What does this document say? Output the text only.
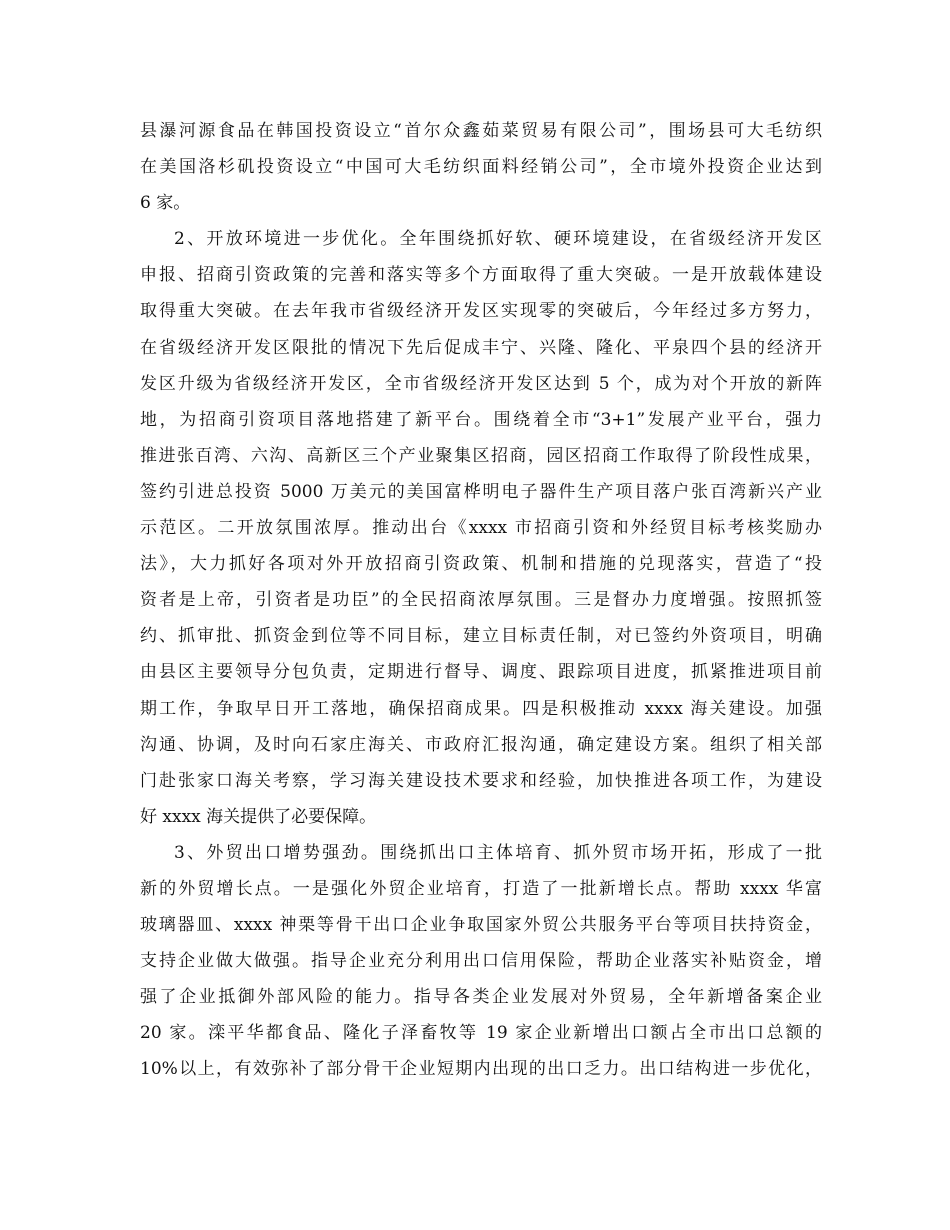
县瀑河源食品在韩国投资设立“首尔众鑫茹菜贸易有限公司”，围场县可大毛纺织
在美国洛杉矶投资设立“中国可大毛纺织面料经销公司”，全市境外投资企业达到
6 家。
2、开放环境进一步优化。全年围绕抓好软、硬环境建设，在省级经济开发区
申报、招商引资政策的完善和落实等多个方面取得了重大突破。一是开放载体建设
取得重大突破。在去年我市省级经济开发区实现零的突破后，今年经过多方努力，
在省级经济开发区限批的情况下先后促成丰宁、兴隆、隆化、平泉四个县的经济开
发区升级为省级经济开发区，全市省级经济开发区达到 5 个，成为对个开放的新阵
地，为招商引资项目落地搭建了新平台。围绕着全市“3+1”发展产业平台，强力
推进张百湾、六沟、高新区三个产业聚集区招商，园区招商工作取得了阶段性成果，
签约引进总投资 5000 万美元的美国富桦明电子器件生产项目落户张百湾新兴产业
示范区。二开放氛围浓厚。推动出台《xxxx 市招商引资和外经贸目标考核奖励办
法》，大力抓好各项对外开放招商引资政策、机制和措施的兑现落实，营造了“投
资者是上帝，引资者是功臣”的全民招商浓厚氛围。三是督办力度增强。按照抓签
约、抓审批、抓资金到位等不同目标，建立目标责任制，对已签约外资项目，明确
由县区主要领导分包负责，定期进行督导、调度、跟踪项目进度，抓紧推进项目前
期工作，争取早日开工落地，确保招商成果。四是积极推动 xxxx 海关建设。加强
沟通、协调，及时向石家庄海关、市政府汇报沟通，确定建设方案。组织了相关部
门赴张家口海关考察，学习海关建设技术要求和经验，加快推进各项工作，为建设
好 xxxx 海关提供了必要保障。
3、外贸出口增势强劲。围绕抓出口主体培育、抓外贸市场开拓，形成了一批
新的外贸增长点。一是强化外贸企业培育，打造了一批新增长点。帮助 xxxx 华富
玻璃器皿、xxxx 神栗等骨干出口企业争取国家外贸公共服务平台等项目扶持资金，
支持企业做大做强。指导企业充分利用出口信用保险，帮助企业落实补贴资金，增
强了企业抵御外部风险的能力。指导各类企业发展对外贸易，全年新增备案企业
20 家。滦平华都食品、隆化子泽畜牧等 19 家企业新增出口额占全市出口总额的
10%以上，有效弥补了部分骨干企业短期内出现的出口乏力。出口结构进一步优化，
